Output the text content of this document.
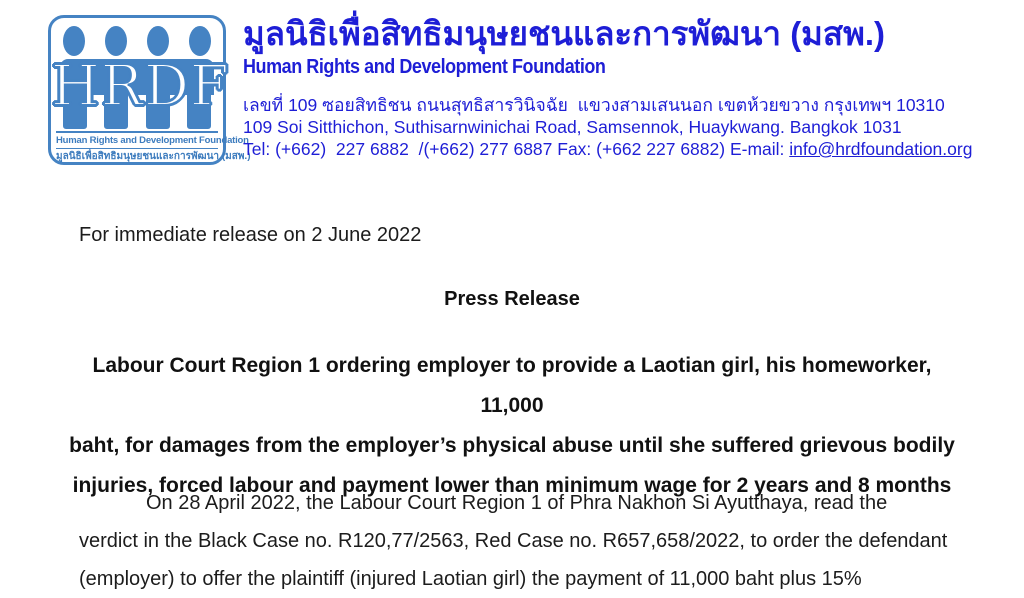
HRDF
Human Rights and Development Foundation
มูลนิธิเพื่อสิทธิมนุษยชนและการพัฒนา (มสพ.)
มูลนิธิเพื่อสิทธิมนุษยชนและการพัฒนา (มสพ.)
Human Rights and Development Foundation
เลขที่ 109 ซอยสิทธิชน ถนนสุทธิสารวินิจฉัย  แขวงสามเสนนอก เขตห้วยขวาง กรุงเทพฯ 10310
109 Soi Sitthichon, Suthisarnwinichai Road, Samsennok, Huaykwang. Bangkok 1031
Tel: (+662)  227 6882  /(+662) 277 6887 Fax: (+662 227 6882) E-mail: info@hrdfoundation.org
For immediate release on 2 June 2022
Press Release
Labour Court Region 1 ordering employer to provide a Laotian girl, his homeworker, 11,000
baht, for damages from the employer’s physical abuse until she suffered grievous bodily
injuries, forced labour and payment lower than minimum wage for 2 years and 8 months
On 28 April 2022, the Labour Court Region 1 of Phra Nakhon Si Ayutthaya, read the
verdict in the Black Case no. R120,77/2563, Red Case no. R657,658/2022, to order the defendant
(employer) to offer the plaintiff (injured Laotian girl) the payment of 11,000 baht plus 15%
